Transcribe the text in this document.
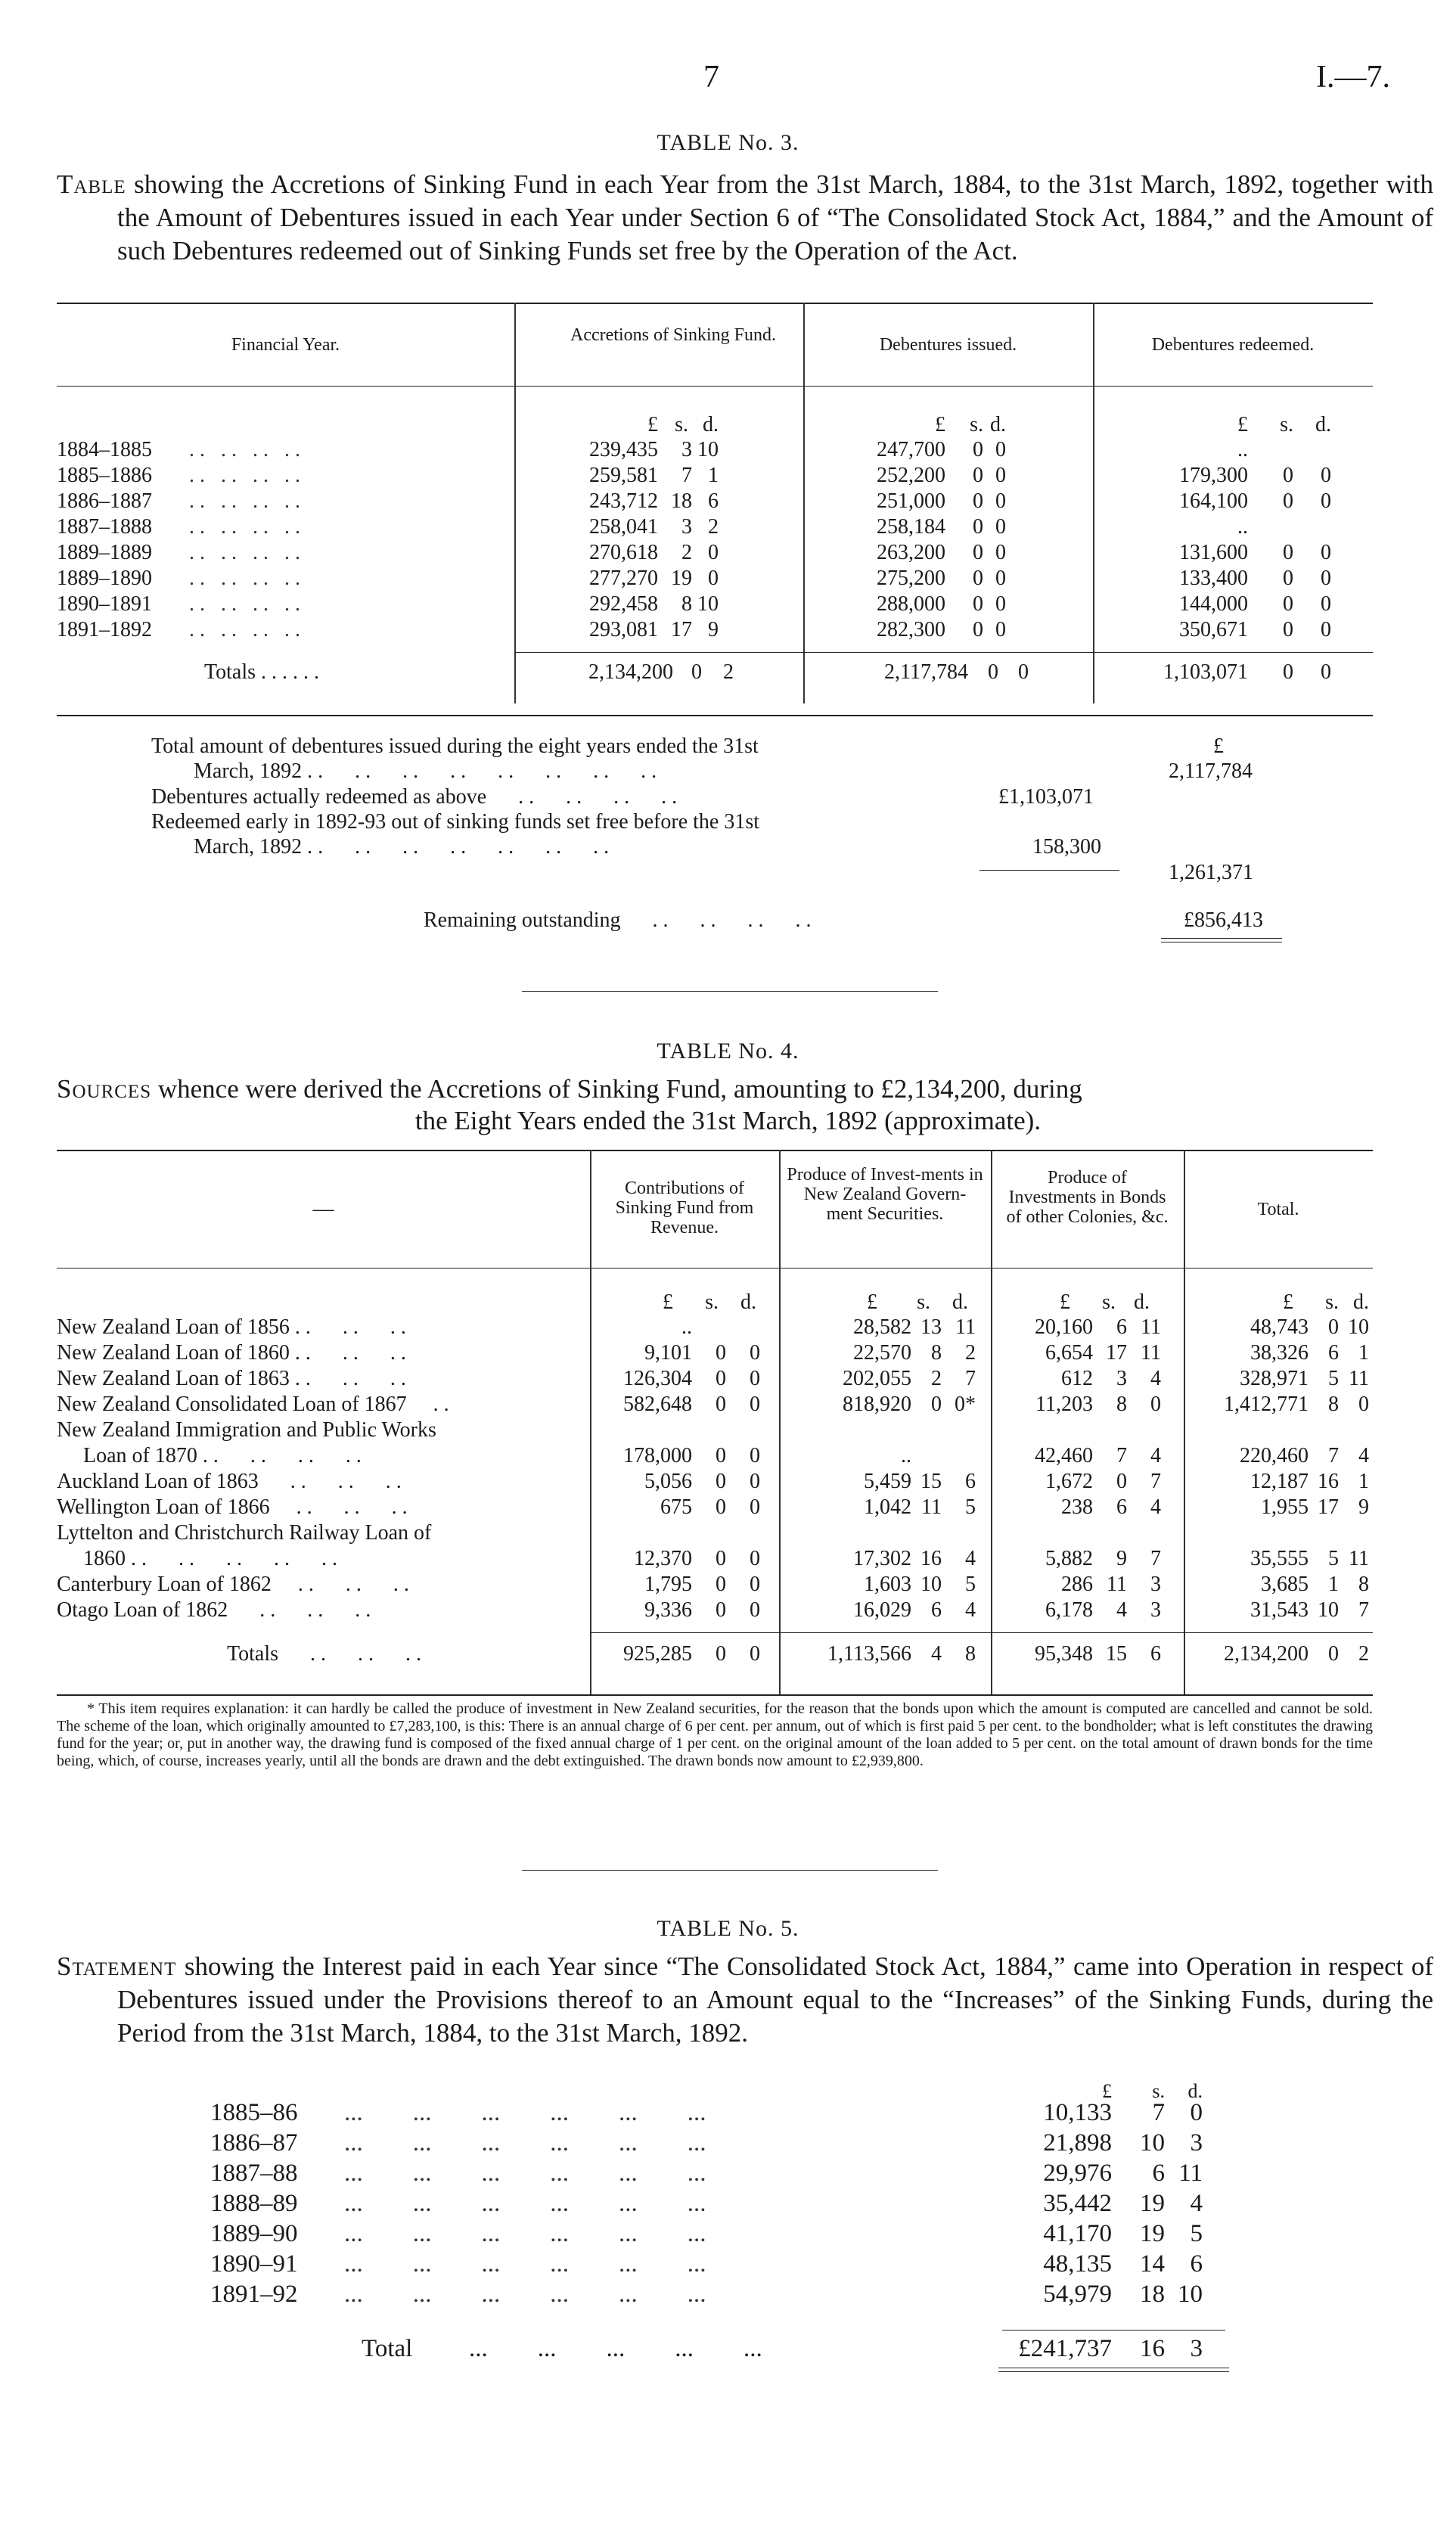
7	I.—7.
TABLE No. 3.
Table showing the Accretions of Sinking Fund in each Year from the 31st March, 1884, to the 31st March, 1892, together with the Amount of Debentures issued in each Year under Section 6 of “The Consolidated Stock Act, 1884,” and the Amount of such Debentures redeemed out of Sinking Funds set free by the Operation of the Act.
Financial Year.	Accretions of Sinking Fund.	Debentures issued.	Debentures redeemed.
£	s.	d.	£	s.	d.	£	s.	d.
1884–1885 . .   . .   . .   . .	239,435	3	10	247,700	0	0	..		
1885–1886 . .   . .   . .   . .	259,581	7	1	252,200	0	0	179,300	0	0
1886–1887 . .   . .   . .   . .	243,712	18	6	251,000	0	0	164,100	0	0
1887–1888 . .   . .   . .   . .	258,041	3	2	258,184	0	0	..		
1889–1889 . .   . .   . .   . .	270,618	2	0	263,200	0	0	131,600	0	0
1889–1890 . .   . .   . .   . .	277,270	19	0	275,200	0	0	133,400	0	0
1890–1891 . .   . .   . .   . .	292,458	8	10	288,000	0	0	144,000	0	0
1891–1892 . .   . .   . .   . .	293,081	17	9	282,300	0	0	350,671	0	0
Totals . . . . . .	2,134,200	0	2	2,117,784	0	0	1,103,071	0	0
Total amount of debentures issued during the eight years ended the 31st
March, 1892 . .      . .      . .      . .      . .      . .      . .      . .
£
2,117,784
Debentures actually redeemed as above      . .      . .      . .      . .	£1,103,071
Redeemed early in 1892-93 out of sinking funds set free before the 31st
March, 1892 . .      . .      . .      . .      . .      . .      . .	158,300
1,261,371
Remaining outstanding      . .      . .      . .      . .	£856,413
TABLE No. 4.
Sources whence were derived the Accretions of Sinking Fund, amounting to £2,134,200, during
the Eight Years ended the 31st March, 1892 (approximate).
—
Contributions of Sinking Fund from Revenue.
Produce of Invest-ments in New Zealand Govern-ment Securities.
Produce of Investments in Bonds of other Colonies, &c.	Total.
£	s.	d.	£	s.	d.	£	s.	d.	£	s.	d.
New Zealand Loan of 1856 . .      . .      . .	..			28,582	13	11	20,160	6	11	48,743	0	10
New Zealand Loan of 1860 . .      . .      . .	9,101	0	0	22,570	8	2	6,654	17	11	38,326	6	1
New Zealand Loan of 1863 . .      . .      . .	126,304	0	0	202,055	2	7	612	3	4	328,971	5	11
New Zealand Consolidated Loan of 1867     . .	582,648	0	0	818,920	0	0*	11,203	8	0	1,412,771	8	0
New Zealand Immigration and Public Works
Loan of 1870 . .      . .      . .      . .	178,000	0	0	..			42,460	7	4	220,460	7	4
Auckland Loan of 1863      . .      . .      . .	5,056	0	0	5,459	15	6	1,672	0	7	12,187	16	1
Wellington Loan of 1866     . .      . .      . .	675	0	0	1,042	11	5	238	6	4	1,955	17	9
Lyttelton and Christchurch Railway Loan of
1860 . .      . .      . .      . .      . .	12,370	0	0	17,302	16	4	5,882	9	7	35,555	5	11
Canterbury Loan of 1862     . .      . .      . .	1,795	0	0	1,603	10	5	286	11	3	3,685	1	8
Otago Loan of 1862      . .      . .      . .	9,336	0	0	16,029	6	4	6,178	4	3	31,543	10	7
Totals      . .      . .      . .	925,285	0	0	1,113,566	4	8	95,348	15	6	2,134,200	0	2
* This item requires explanation: it can hardly be called the produce of investment in New Zealand securities, for the reason that the bonds upon which the amount is computed are cancelled and cannot be sold. The scheme of the loan, which originally amounted to £7,283,100, is this: There is an annual charge of 6 per cent. per annum, out of which is first paid 5 per cent. to the bondholder; what is left constitutes the drawing fund for the year; or, put in another way, the drawing fund is composed of the fixed annual charge of 1 per cent. on the original amount of the loan added to 5 per cent. on the total amount of drawn bonds for the time being, which, of course, increases yearly, until all the bonds are drawn and the debt extinguished. The drawn bonds now amount to £2,939,800.
TABLE No. 5.
Statement showing the Interest paid in each Year since “The Consolidated Stock Act, 1884,” came into Operation in respect of Debentures issued under the Provisions thereof to an Amount equal to the “Increases” of the Sinking Funds, during the Period from the 31st March, 1884, to the 31st March, 1892.
£	s.	d.
1885–86 ...        ...        ...        ...        ...        ...	10,133	7	0
1886–87 ...        ...        ...        ...        ...        ...	21,898	10	3
1887–88 ...        ...        ...        ...        ...        ...	29,976	6	11
1888–89 ...        ...        ...        ...        ...        ...	35,442	19	4
1889–90 ...        ...        ...        ...        ...        ...	41,170	19	5
1890–91 ...        ...        ...        ...        ...        ...	48,135	14	6
1891–92 ...        ...        ...        ...        ...        ...	54,979	18	10
Total ...        ...        ...        ...        ...	£241,737	16	3
